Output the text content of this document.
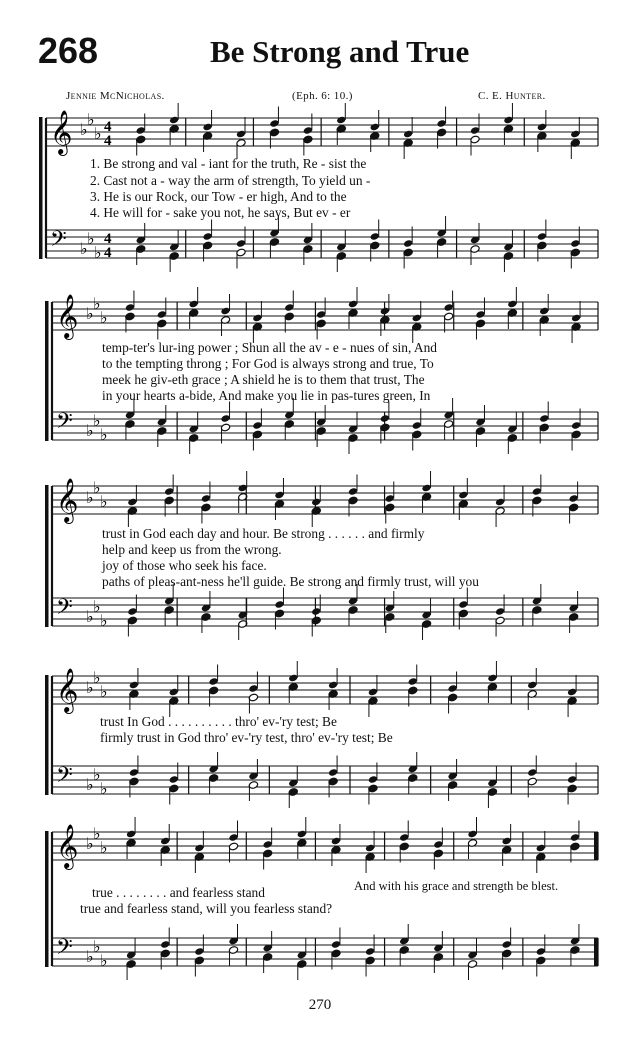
268	Be Strong and True
Jennie McNicholas.	(Eph. 6: 10.)	C. E. Hunter.
𝄞 ♭
♭
♭ 4
4
𝄢 ♭
♭
♭
4
4
1. Be strong and val - iant for the truth, Re - sist the
2. Cast not a - way the arm of strength, To yield un -
3. He is our Rock, our Tow - er high, And to the
4. He will for - sake you not, he says, But ev - er
𝄞 ♭
♭
♭
𝄢 ♭
♭
♭
temp-ter's lur-ing power ; Shun all the av - e - nues of sin, And
to the tempting throng ; For God is always strong and true, To
meek he giv-eth grace ; A shield he is to them that trust, The
in your hearts a-bide, And make you lie in pas-tures green, In
𝄞 ♭
♭
♭
𝄢 ♭
♭
♭
trust in God each day and hour. Be strong . . . . . . and firmly
help and keep us from the wrong.
joy of those who seek his face.
paths of pleas-ant-ness he'll guide. Be strong and firmly trust, will you
𝄞 ♭
♭
♭
𝄢 ♭
♭
♭
trust In God . . . . . . . . . . thro' ev-'ry test; Be
firmly trust in God thro' ev-'ry test, thro' ev-'ry test; Be
𝄞 ♭
♭
♭
𝄢 ♭
♭
♭
true . . . . . . . . and fearless stand	And with his grace and strength be blest.
true and fearless stand, will you fearless stand?
270
